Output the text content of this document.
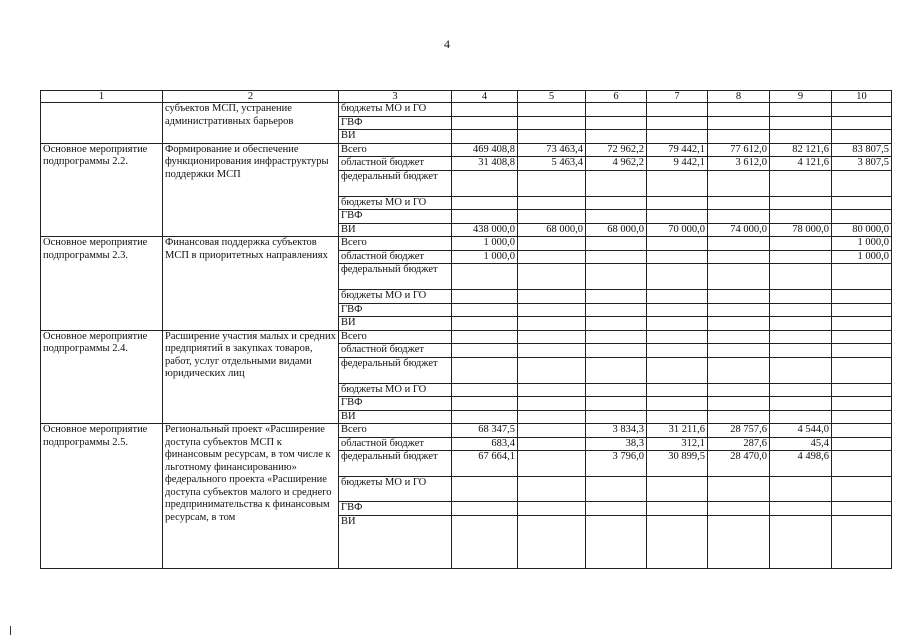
4
1	2	3	4	5	6	7	8	9	10
	субъектов МСП, устранение административных барьеров	бюджеты МО и ГО							
		ГВФ							
		ВИ							
Основное мероприятие подпрограммы 2.2.	Формирование и обеспечение функционирования инфраструктуры поддержки МСП	Всего	469 408,8	73 463,4	72 962,2	79 442,1	77 612,0	82 121,6	83 807,5
		областной бюджет	31 408,8	5 463,4	4 962,2	9 442,1	3 612,0	4 121,6	3 807,5
		федеральный бюджет							
		бюджеты МО и ГО							
		ГВФ							
		ВИ	438 000,0	68 000,0	68 000,0	70 000,0	74 000,0	78 000,0	80 000,0
Основное мероприятие подпрограммы 2.3.	Финансовая поддержка субъектов МСП в приоритетных направлениях	Всего	1 000,0						1 000,0
		областной бюджет	1 000,0						1 000,0
		федеральный бюджет							
		бюджеты МО и ГО							
		ГВФ							
		ВИ							
Основное мероприятие подпрограммы 2.4.	Расширение участия малых и средних предприятий в закупках товаров, работ, услуг отдельными видами юридических лиц	Всего							
		областной бюджет							
		федеральный бюджет							
		бюджеты МО и ГО							
		ГВФ							
		ВИ							
Основное мероприятие подпрограммы 2.5.	Региональный проект «Расширение доступа субъектов МСП к финансовым ресурсам, в том числе к льготному финансированию» федерального проекта «Расширение доступа субъектов малого и среднего предпринимательства к финансовым ресурсам, в том	Всего	68 347,5		3 834,3	31 211,6	28 757,6	4 544,0	
		областной бюджет	683,4		38,3	312,1	287,6	45,4	
		федеральный бюджет	67 664,1		3 796,0	30 899,5	28 470,0	4 498,6	
		бюджеты МО и ГО							
		ГВФ							
		ВИ							
